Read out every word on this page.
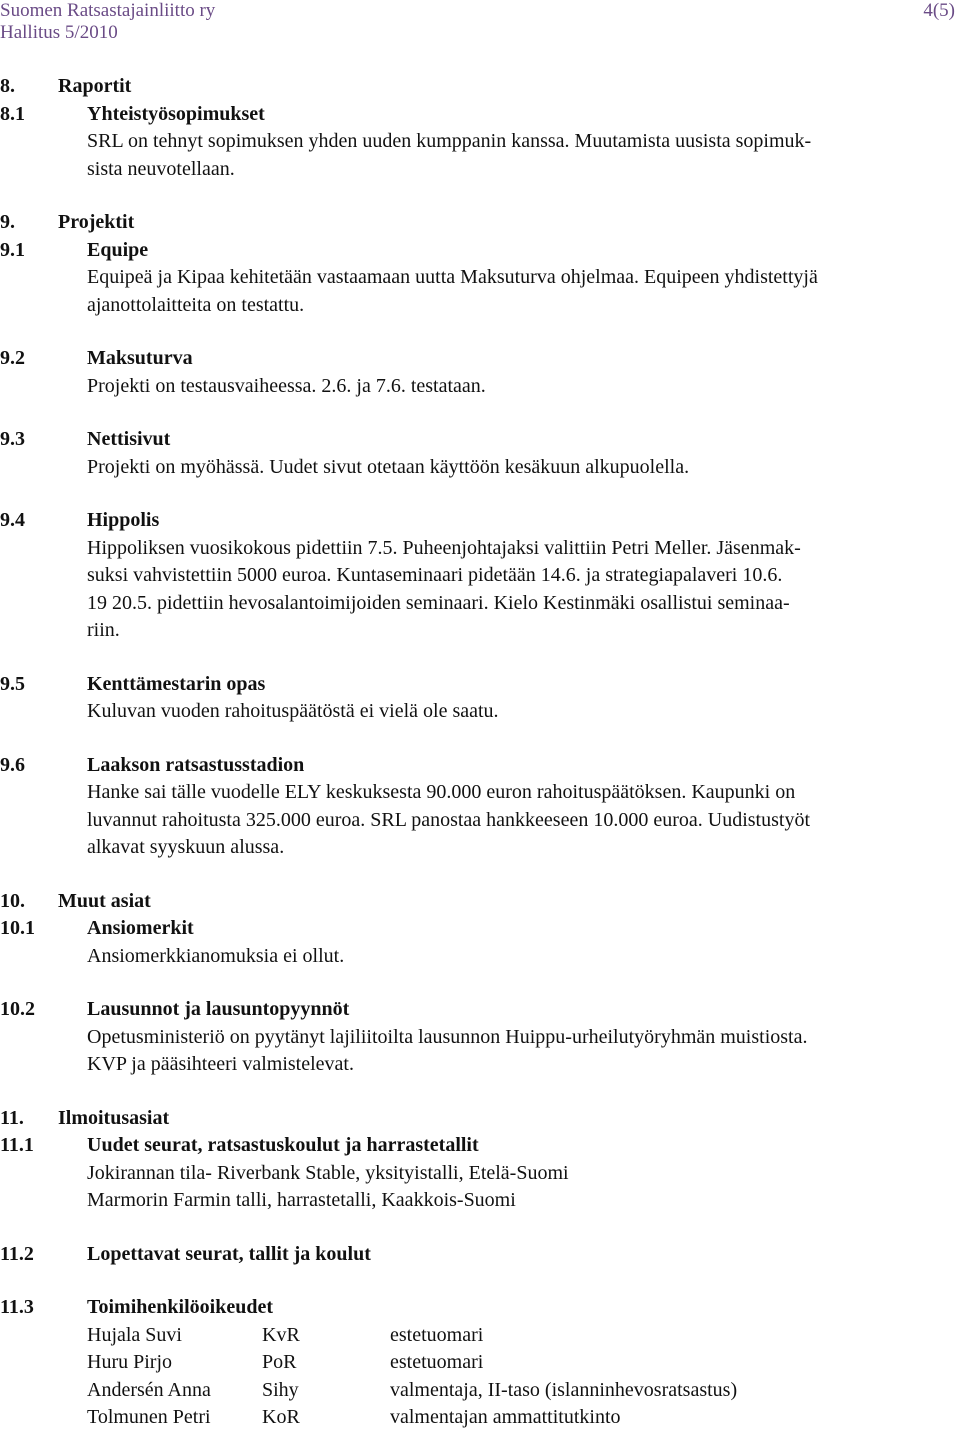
Suomen Ratsastajainliitto ry
Hallitus 5/2010
4(5)
8. Raportit
8.1	Yhteistyösopimukset
SRL on tehnyt sopimuksen yhden uuden kumppanin kanssa. Muutamista uusista sopimuk-
sista neuvotellaan.
9. Projektit
9.1	Equipe
Equipeä ja Kipaa kehitetään vastaamaan uutta Maksuturva ohjelmaa. Equipeen yhdistettyjä
ajanottolaitteita on testattu.
9.2	Maksuturva
Projekti on testausvaiheessa. 2.6. ja 7.6. testataan.
9.3	Nettisivut
Projekti on myöhässä. Uudet sivut otetaan käyttöön kesäkuun alkupuolella.
9.4	Hippolis
Hippoliksen vuosikokous pidettiin 7.5. Puheenjohtajaksi valittiin Petri Meller. Jäsenmak-
suksi vahvistettiin 5000 euroa. Kuntaseminaari pidetään 14.6. ja strategiapalaveri 10.6.
19 20.5. pidettiin hevosalantoimijoiden seminaari. Kielo Kestinmäki osallistui seminaa-
riin.
9.5	Kenttämestarin opas
Kuluvan vuoden rahoituspäätöstä ei vielä ole saatu.
9.6	Laakson ratsastusstadion
Hanke sai tälle vuodelle ELY keskuksesta 90.000 euron rahoituspäätöksen. Kaupunki on
luvannut rahoitusta 325.000 euroa. SRL panostaa hankkeeseen 10.000 euroa. Uudistustyöt
alkavat syyskuun alussa.
10. Muut asiat
10.1	Ansiomerkit
Ansiomerkkianomuksia ei ollut.
10.2	Lausunnot ja lausuntopyynnöt
Opetusministeriö on pyytänyt lajiliitoilta lausunnon Huippu-urheilutyöryhmän muistiosta.
KVP ja pääsihteeri valmistelevat.
11. Ilmoitusasiat
11.1	Uudet seurat, ratsastuskoulut ja harrastetallit
Jokirannan tila- Riverbank Stable, yksityistalli, Etelä-Suomi
Marmorin Farmin talli, harrastetalli, Kaakkois-Suomi
11.2	Lopettavat seurat, tallit ja koulut
11.3	Toimihenkilöoikeudet
Hujala Suvi	KvR	estetuomari
Huru Pirjo	PoR	estetuomari
Andersén Anna	Sihy	valmentaja, II-taso (islanninhevosratsastus)
Tolmunen Petri	KoR	valmentajan ammattitutkinto
